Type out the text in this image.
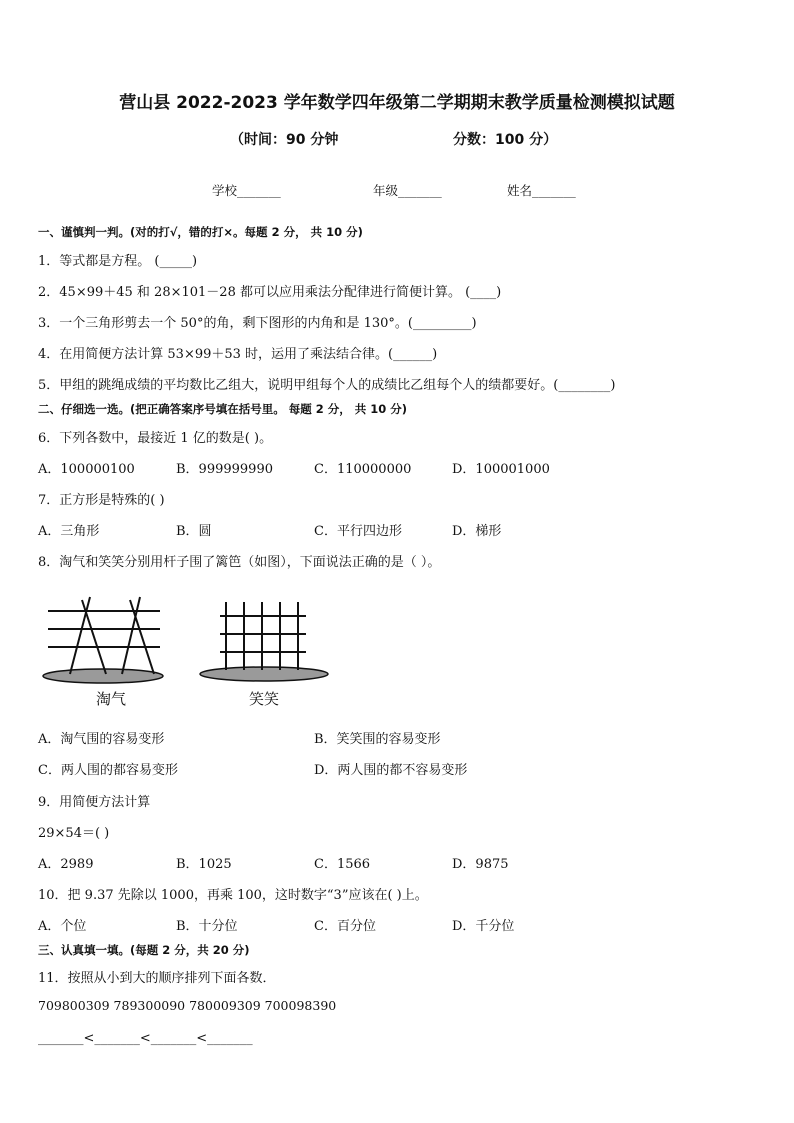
营山县 2022-2023 学年数学四年级第二学期期末教学质量检测模拟试题
（时间：90 分钟	分数：100 分）
学校_______	年级_______	姓名_______
一、谨慎判一判。(对的打√，错的打×。每题 2 分， 共 10 分)
1．等式都是方程。 (_____)
2．45×99＋45 和 28×101－28 都可以应用乘法分配律进行简便计算。 (____)
3．一个三角形剪去一个 50°的角，剩下图形的内角和是 130°。(_________)
4．在用简便方法计算 53×99＋53 时，运用了乘法结合律。(______)
5．甲组的跳绳成绩的平均数比乙组大，说明甲组每个人的成绩比乙组每个人的绩都要好。(________)
二、仔细选一选。(把正确答案序号填在括号里。 每题 2 分， 共 10 分)
6．下列各数中，最接近 1 亿的数是( )。
A．100000100	B．999999990	C．110000000	D．100001000
7．正方形是特殊的( )
A．三角形	B．圆	C．平行四边形	D．梯形
8．淘气和笑笑分别用杆子围了篱笆（如图），下面说法正确的是（ ）。
淘气	笑笑
A．淘气围的容易变形	B．笑笑围的容易变形
C．两人围的都容易变形	D．两人围的都不容易变形
9．用简便方法计算
29×54＝( )
A．2989	B．1025	C．1566	D．9875
10．把 9.37 先除以 1000，再乘 100，这时数字“3”应该在( )上。
A．个位	B．十分位	C．百分位	D．千分位
三、认真填一填。(每题 2 分，共 20 分)
11．按照从小到大的顺序排列下面各数．
709800309 789300090 780009309 700098390
_______<_______<_______<_______
